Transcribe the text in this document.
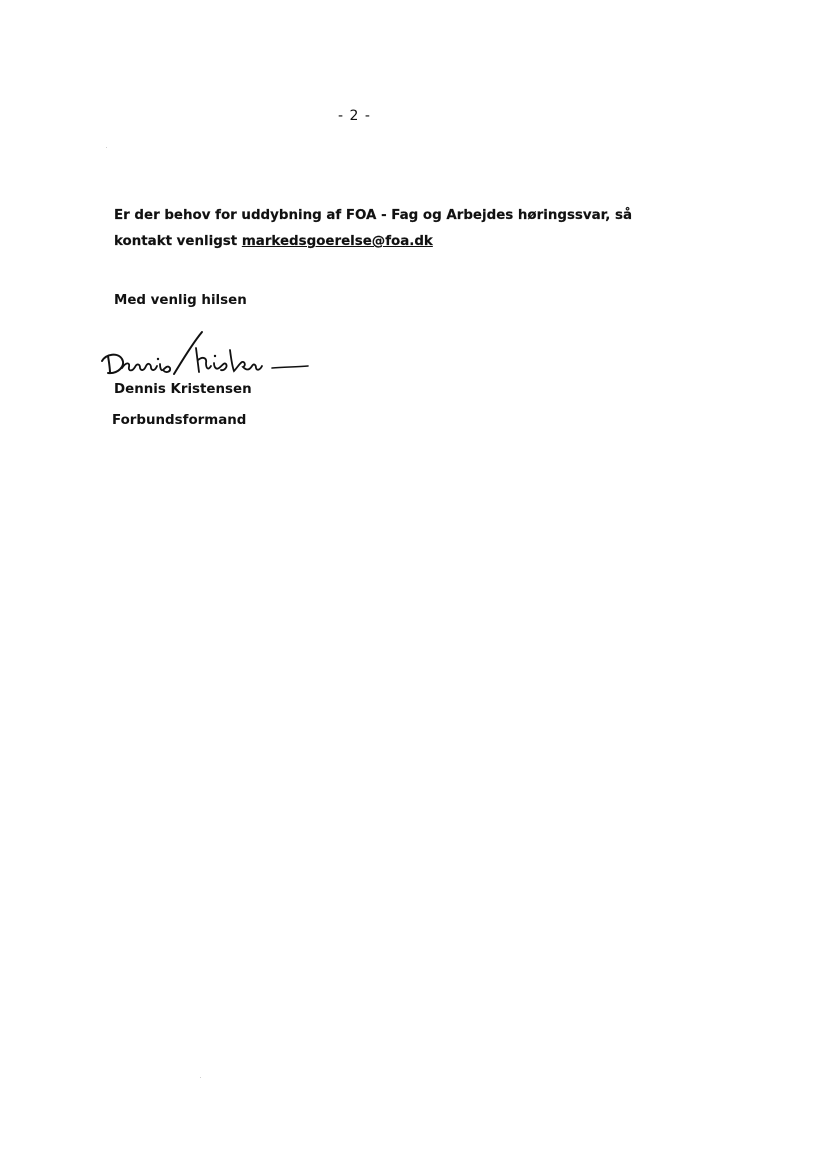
- 2 -
Er der behov for uddybning af FOA - Fag og Arbejdes høringssvar, så
kontakt venligst markedsgoerelse@foa.dk
Med venlig hilsen
Dennis Kristensen
Forbundsformand
